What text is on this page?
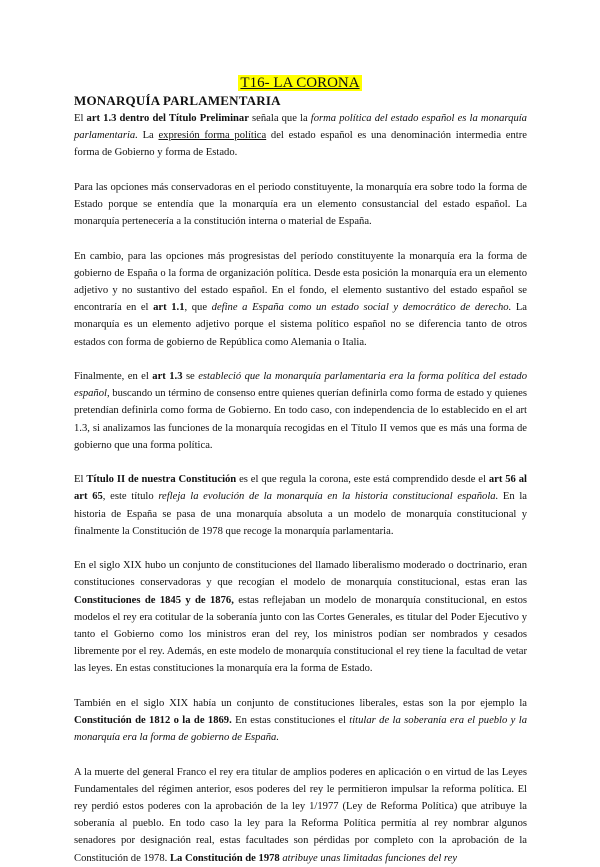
T16- LA CORONA
MONARQUÍA PARLAMENTARIA

El art 1.3 dentro del Título Preliminar señala que la forma política del estado español es la monarquía parlamentaria. La expresión forma política del estado español es una denominación intermedia entre forma de Gobierno y forma de Estado.

Para las opciones más conservadoras en el periodo constituyente, la monarquía era sobre todo la forma de Estado porque se entendía que la monarquía era un elemento consustancial del estado español. La monarquía pertenecería a la constitución interna o material de España.

En cambio, para las opciones más progresistas del período constituyente la monarquía era la forma de gobierno de España o la forma de organización política. Desde esta posición la monarquía era un elemento adjetivo y no sustantivo del estado español. En el fondo, el elemento sustantivo del estado español se encontraría en el art 1.1, que define a España como un estado social y democrático de derecho. La monarquía es un elemento adjetivo porque el sistema político español no se diferencia tanto de otros estados con forma de gobierno de República como Alemania o Italia.

Finalmente, en el art 1.3 se estableció que la monarquía parlamentaria era la forma política del estado español, buscando un término de consenso entre quienes querían definirla como forma de estado y quienes pretendían definirla como forma de Gobierno. En todo caso, con independencia de lo establecido en el art 1.3, si analizamos las funciones de la monarquía recogidas en el Título II vemos que es más una forma de gobierno que una forma política.

El Título II de nuestra Constitución es el que regula la corona, este está comprendido desde el art 56 al art 65, este título refleja la evolución de la monarquía en la historia constitucional española. En la historia de España se pasa de una monarquía absoluta a un modelo de monarquía constitucional y finalmente la Constitución de 1978 que recoge la monarquía parlamentaria.

En el siglo XIX hubo un conjunto de constituciones del llamado liberalismo moderado o doctrinario, eran constituciones conservadoras y que recogían el modelo de monarquía constitucional, estas eran las Constituciones de 1845 y de 1876, estas reflejaban un modelo de monarquía constitucional, en estos modelos el rey era cotitular de la soberanía junto con las Cortes Generales, es titular del Poder Ejecutivo y tanto el Gobierno como los ministros eran del rey, los ministros podían ser nombrados y cesados libremente por el rey. Además, en este modelo de monarquía constitucional el rey tiene la facultad de vetar las leyes. En estas constituciones la monarquía era la forma de Estado.

También en el siglo XIX había un conjunto de constituciones liberales, estas son la por ejemplo la Constitución de 1812 o la de 1869. En estas constituciones el titular de la soberanía era el pueblo y la monarquía era la forma de gobierno de España.

A la muerte del general Franco el rey era titular de amplios poderes en aplicación o en virtud de las Leyes Fundamentales del régimen anterior, esos poderes del rey le permitieron impulsar la reforma política. El rey perdió estos poderes con la aprobación de la ley 1/1977 (Ley de Reforma Política) que atribuye la soberanía al pueblo. En todo caso la ley para la Reforma Política permitía al rey nombrar algunos senadores por designación real, estas facultades son pérdidas por completo con la aprobación de la Constitución de 1978. La Constitución de 1978 atribuye unas limitadas funciones del rey
